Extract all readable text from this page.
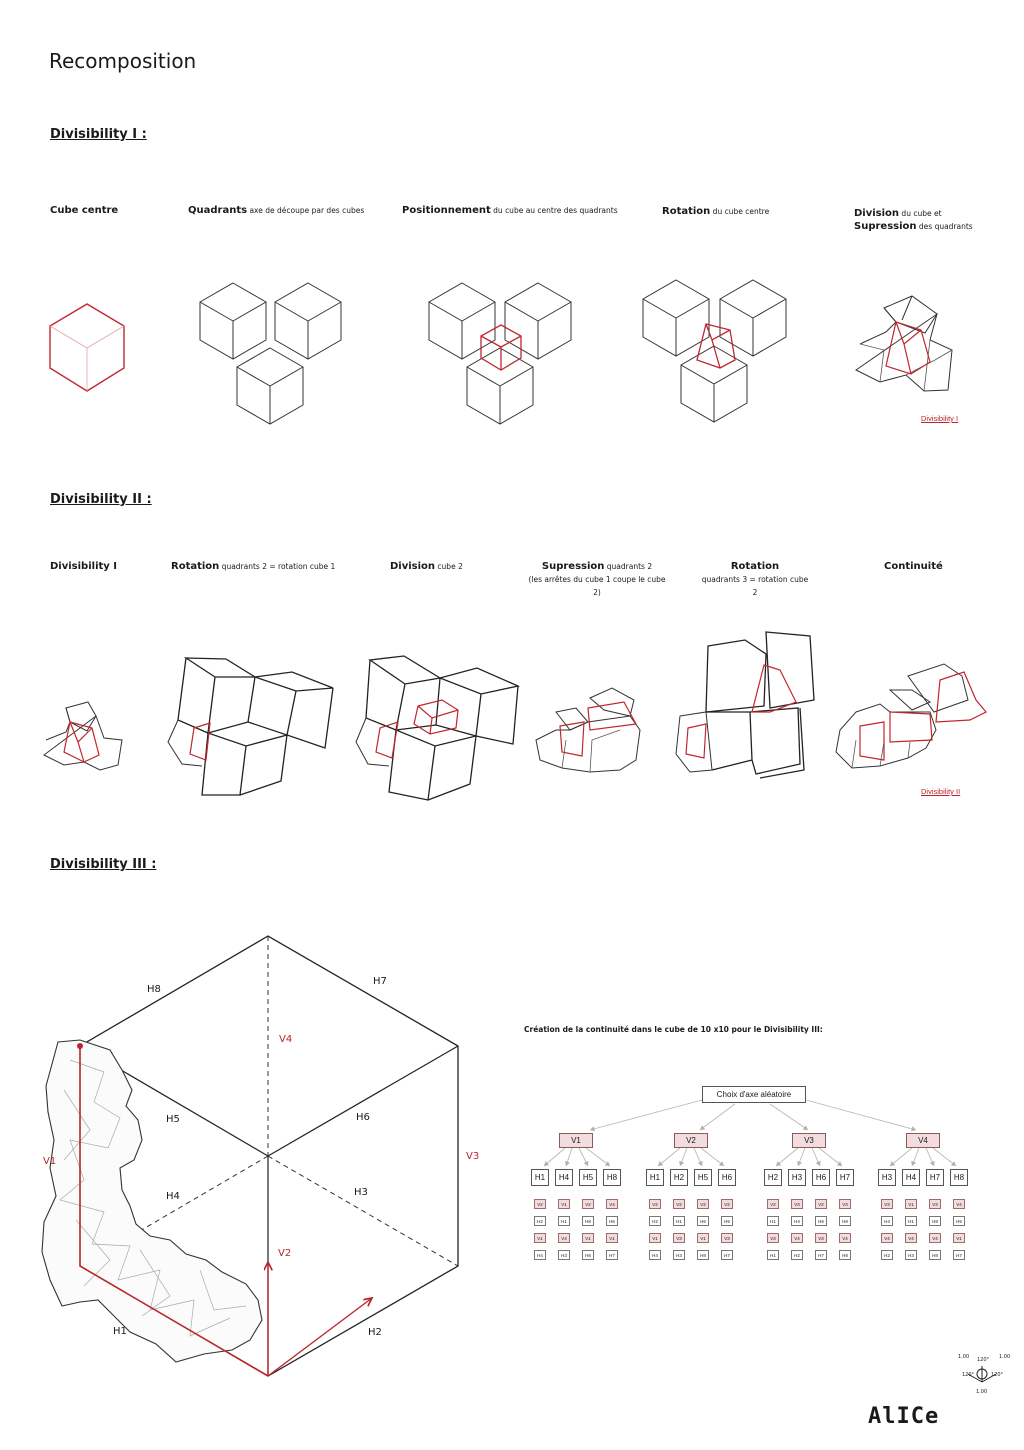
Recomposition
Divisibility I :
Divisibility II :
Divisibility III :
Cube centre	Quadrants axe de découpe par des cubes	Positionnement du cube au centre des quadrants	Rotation du cube centre	Division du cube et
Supression des quadrants
Divisibility I
Divisibility I	Rotation quadrants 2 = rotation cube 1	Division cube 2	Supression quadrants 2
(les arrêtes du cube 1 coupe le cube 2)
Rotation
quadrants 3 = rotation cube 2
Continuité
Divisibility II
H8
H7
V4
H5	H6
V1	V3
H4	H3
V2
H1	H2
Création de la continuité dans le cube de 10 x10 pour le Divisibility III:
Choix d'axe aléatoire
V1
H1
V2
H2
V1
H4
H4
V1
H1
V4
H3
H5
V2
H8
V1
H8
H8
V4
H5
V1
H7
V2
H1
V2
H2
V1
H4
H2
V2
H1
V3
H3
H5
V2
H6
V1
H8
H6
V2
H5
V3
H7
V3
H2
V2
H1
V3
H1
H3
V3
H4
V4
H2
H6
V2
H5
V3
H7
H7
V3
H8
V4
H8
V4
H3
V3
H4
V4
H2
H4
V1
H1
V4
H3
H7
V3
H8
V4
H8
H8
V4
H5
V1
H7
1.00	1.00
120°
120°	120°
1.00
AlICe
